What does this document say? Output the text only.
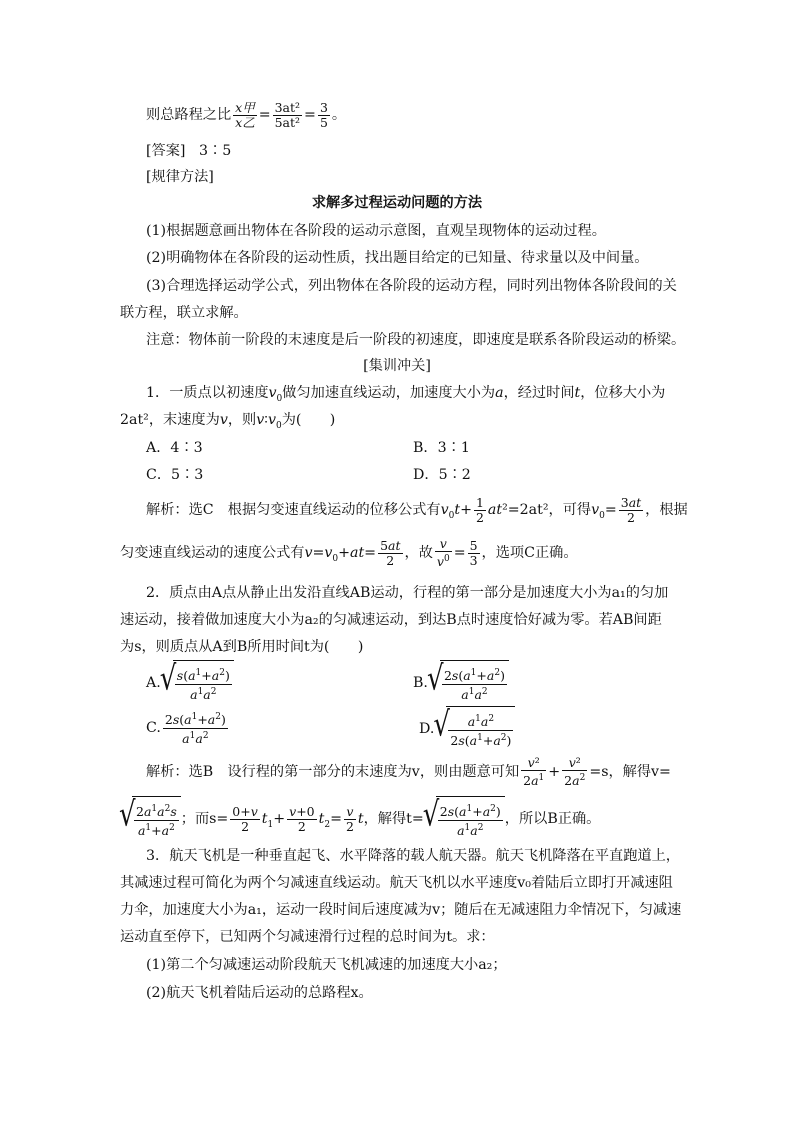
则总路程之比 $\frac{\text{x甲}}{\text{x乙}} = \frac{\text{3at²}}{\text{5at²}} = \frac{3}{5}$ 。
[答案] 3∶5
[规律方法]
求解多过程运动问题的方法
(1)根据题意画出物体在各阶段的运动示意图，直观呈现物体的运动过程。
(2)明确物体在各阶段的运动性质，找出题目给定的已知量、待求量以及中间量。
(3)合理选择运动学公式，列出物体在各阶段的运动方程，同时列出物体各阶段间的关
联方程，联立求解。
注意：物体前一阶段的末速度是后一阶段的初速度，即速度是联系各阶段运动的桥梁。
[集训冲关]
1．一质点以初速度$v_0$做匀加速直线运动，加速度大小为a，经过时间t，位移大小为
2at²，末速度为v，则$v∶v_0$为(　　)
A．4∶3	B．3∶1
C．5∶3	D．5∶2
解析：选C　根据匀变速直线运动的位移公式有$v_0t+ \frac{1}{2} at^2=2at^2$，可得$v_0= \frac{3at}{2}$ ，根据
匀变速直线运动的速度公式有$v=v_0+at= \frac{5at}{2}$ ，故 $\frac{v}{v^0} = \frac{5}{3}$ ，选项C正确。
2．质点由A点从静止出发沿直线AB运动，行程的第一部分是加速度大小为a₁的匀加
速运动，接着做加速度大小为a₂的匀减速运动，到达B点时速度恰好减为零。若AB间距
为s，则质点从A到B所用时间t为(　　)
A. √ $\frac{s(a^1+a^2)}{a^1a^2}$	B. √ $\frac{2s(a^1+a^2)}{a^1a^2}$
C. $\frac{2s(a^1+a^2)}{a^1a^2}$	D. √ $\frac{a^1a^2}{2s(a^1+a^2)}$
解析：选B　设行程的第一部分的末速度为v，则由题意可知 $\frac{\text{v²}}{2a^1} + \frac{\text{v²}}{2a^2} =s$，解得v=
√ $\frac{2a^1a^2s}{a^1+a^2}$ ；而$s= \frac{0+v}{2} t_1+ \frac{v+0}{2} t_2= \frac{v}{2}$ t，解得t= √ $\frac{2s(a^1+a^2)}{a^1a^2}$ ，所以B正确。
3．航天飞机是一种垂直起飞、水平降落的载人航天器。航天飞机降落在平直跑道上，
其减速过程可简化为两个匀减速直线运动。航天飞机以水平速度v₀着陆后立即打开减速阻
力伞，加速度大小为a₁，运动一段时间后速度减为v；随后在无减速阻力伞情况下，匀减速
运动直至停下，已知两个匀减速滑行过程的总时间为t。求：
(1)第二个匀减速运动阶段航天飞机减速的加速度大小a₂；
(2)航天飞机着陆后运动的总路程x。
